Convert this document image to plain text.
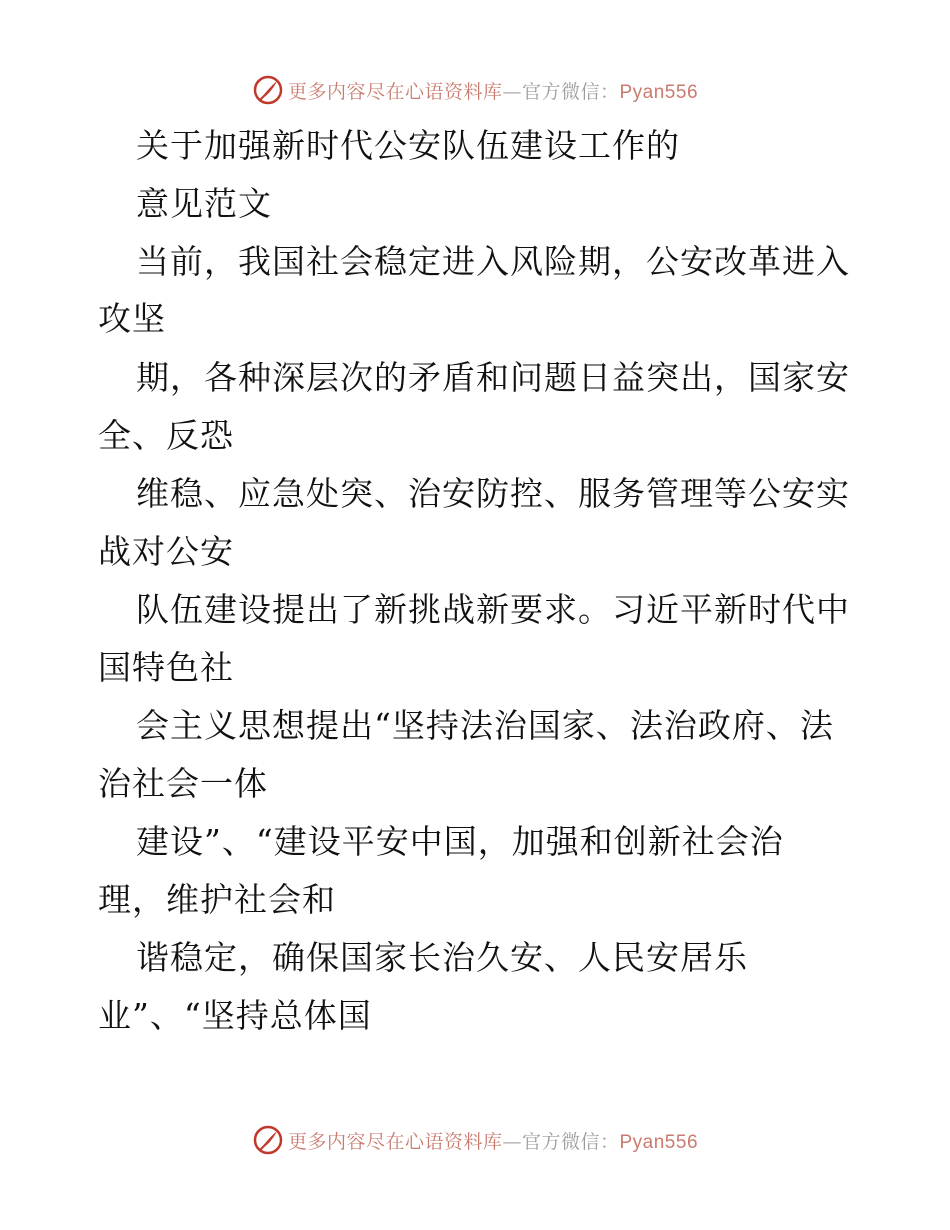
更多内容尽在心语资料库—官方微信：Pyan556
关于加强新时代公安队伍建设工作的
意见范文
当前，我国社会稳定进入风险期，公安改革进入
攻坚
期，各种深层次的矛盾和问题日益突出，国家安
全、反恐
维稳、应急处突、治安防控、服务管理等公安实
战对公安
队伍建设提出了新挑战新要求。习近平新时代中
国特色社
会主义思想提出“坚持法治国家、法治政府、法
治社会一体
建设”、“建设平安中国，加强和创新社会治
理，维护社会和
谐稳定，确保国家长治久安、人民安居乐
业”、“坚持总体国
更多内容尽在心语资料库—官方微信：Pyan556
